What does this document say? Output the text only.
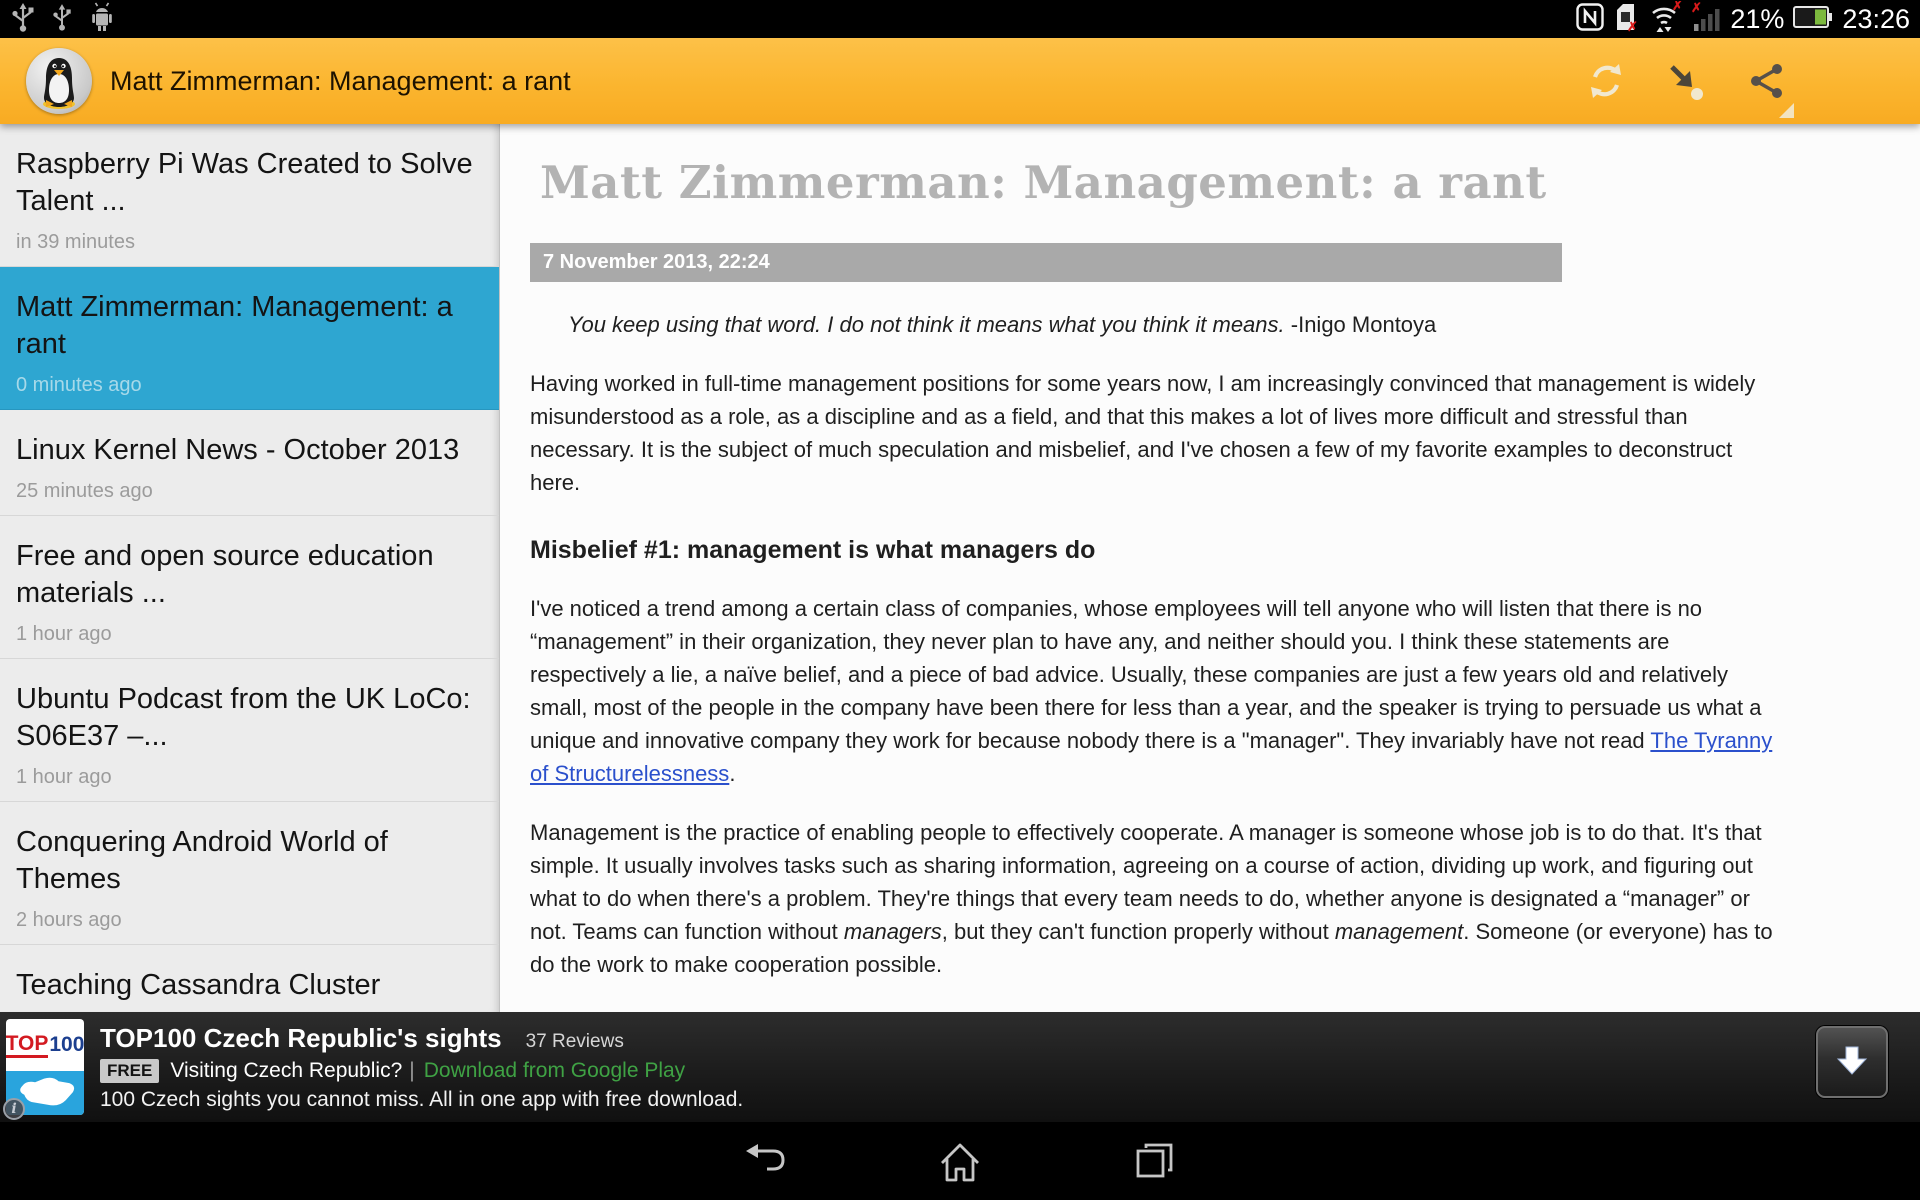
✗
✗ ✗ 21% 23:26
Matt Zimmerman: Management: a rant
Raspberry Pi Was Created to Solve Talent ...
in 39 minutes
Matt Zimmerman: Management: a rant
0 minutes ago
Linux Kernel News - October 2013
25 minutes ago
Free and open source education materials ...
1 hour ago
Ubuntu Podcast from the UK LoCo: S06E37 –...
1 hour ago
Conquering Android World of Themes
2 hours ago
Teaching Cassandra Cluster
Matt Zimmerman: Management: a rant
7 November 2013, 22:24
You keep using that word. I do not think it means what you think it means. -Inigo Montoya
Having worked in full-time management positions for some years now, I am increasingly convinced that management is widely misunderstood as a role, as a discipline and as a field, and that this makes a lot of lives more difficult and stressful than necessary. It is the subject of much speculation and misbelief, and I've chosen a few of my favorite examples to deconstruct here.
Misbelief #1: management is what managers do
I've noticed a trend among a certain class of companies, whose employees will tell anyone who will listen that there is no “management” in their organization, they never plan to have any, and neither should you. I think these statements are respectively a lie, a naïve belief, and a piece of bad advice. Usually, these companies are just a few years old and relatively small, most of the people in the company have been there for less than a year, and the speaker is trying to persuade us what a unique and innovative company they work for because nobody there is a "manager". They invariably have not read The Tyranny of Structurelessness.
Management is the practice of enabling people to effectively cooperate. A manager is someone whose job is to do that. It's that simple. It usually involves tasks such as sharing information, agreeing on a course of action, dividing up work, and figuring out what to do when there's a problem. They're things that every team needs to do, whether anyone is designated a “manager” or not. Teams can function without managers, but they can't function properly without management. Someone (or everyone) has to do the work to make cooperation possible.
TOP 100
i
TOP100 Czech Republic's sights 37 Reviews
FREE Visiting Czech Republic? | Download from Google Play
100 Czech sights you cannot miss. All in one app with free download.
